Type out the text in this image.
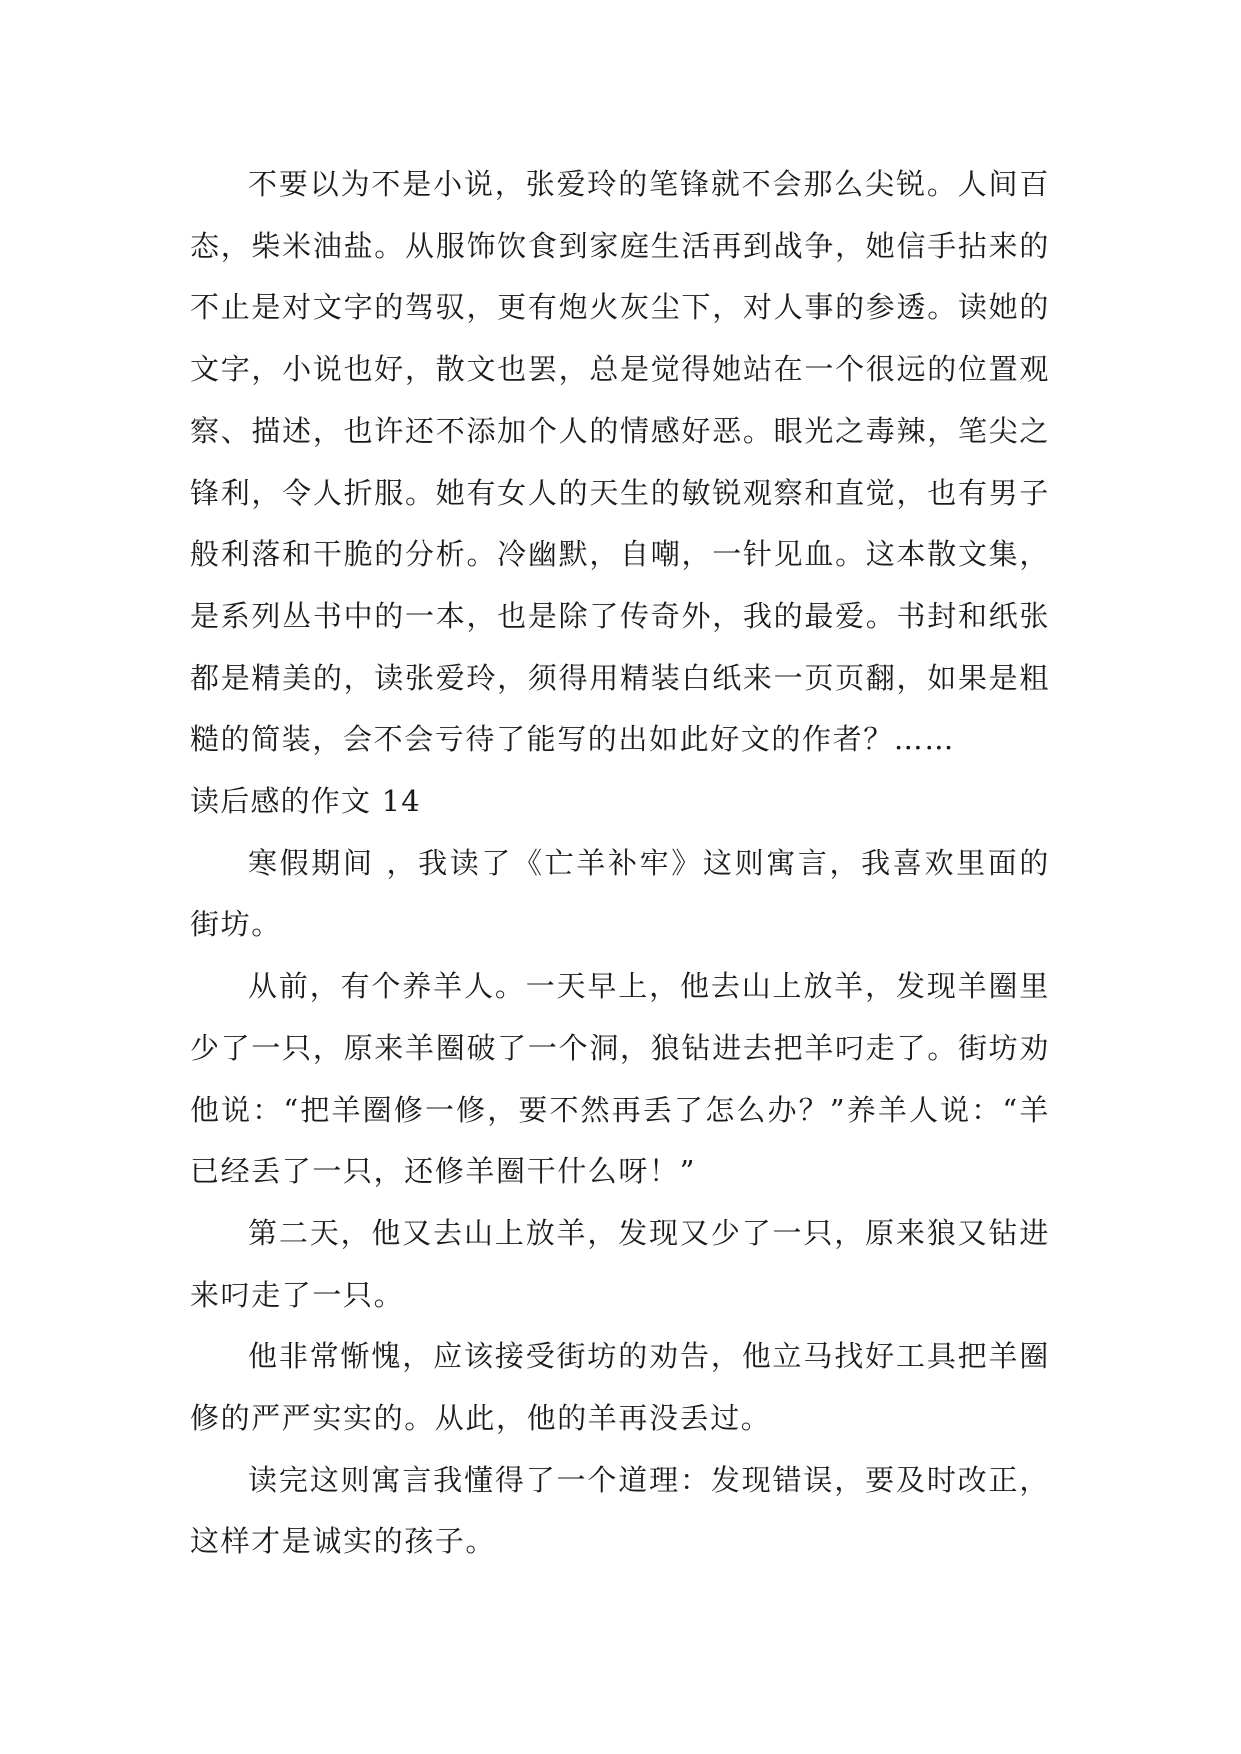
不要以为不是小说，张爱玲的笔锋就不会那么尖锐。人间百态，柴米油盐。从服饰饮食到家庭生活再到战争，她信手拈来的不止是对文字的驾驭，更有炮火灰尘下，对人事的参透。读她的文字，小说也好，散文也罢，总是觉得她站在一个很远的位置观察、描述，也许还不添加个人的情感好恶。眼光之毒辣，笔尖之锋利，令人折服。她有女人的天生的敏锐观察和直觉，也有男子般利落和干脆的分析。冷幽默，自嘲，一针见血。这本散文集，是系列丛书中的一本，也是除了传奇外，我的最爱。书封和纸张都是精美的，读张爱玲，须得用精装白纸来一页页翻，如果是粗糙的简装，会不会亏待了能写的出如此好文的作者？……

读后感的作文 14

寒假期间 ，我读了《亡羊补牢》这则寓言，我喜欢里面的街坊。

从前，有个养羊人。一天早上，他去山上放羊，发现羊圈里少了一只，原来羊圈破了一个洞，狼钻进去把羊叼走了。街坊劝他说：“把羊圈修一修，要不然再丢了怎么办？”养羊人说：“羊已经丢了一只，还修羊圈干什么呀！”

第二天，他又去山上放羊，发现又少了一只，原来狼又钻进来叼走了一只。

他非常惭愧，应该接受街坊的劝告，他立马找好工具把羊圈修的严严实实的。从此，他的羊再没丢过。

读完这则寓言我懂得了一个道理：发现错误，要及时改正，这样才是诚实的孩子。
